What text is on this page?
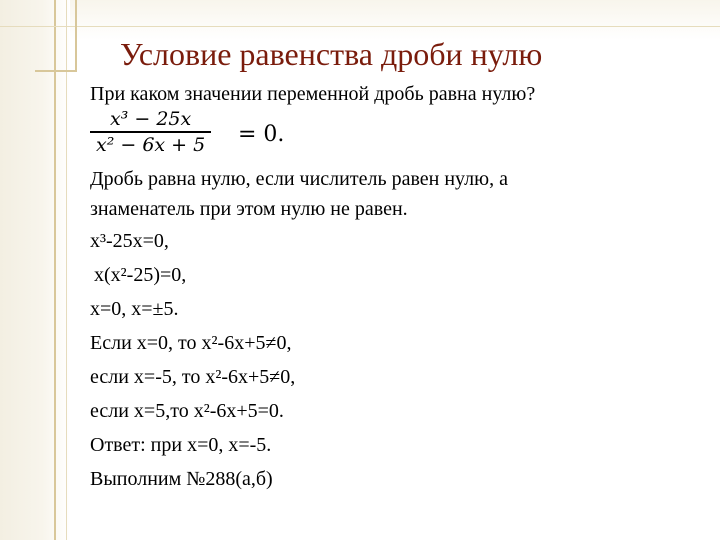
Условие равенства дроби нулю
При каком значении переменной дробь равна нулю?
$\frac{\text{x³ − 25x}}{\text{x² − 6x + 5}} = 0$.
Дробь равна нулю, если числитель равен нулю, а
знаменатель при этом нулю не равен.
x³-25x=0,
x(x²-25)=0,
x=0, x=±5.
Если x=0, то x²-6x+5≠0,
если x=-5, то x²-6x+5≠0,
если x=5,то x²-6x+5=0.
Ответ: при x=0, x=-5.
Выполним №288(а,б)
